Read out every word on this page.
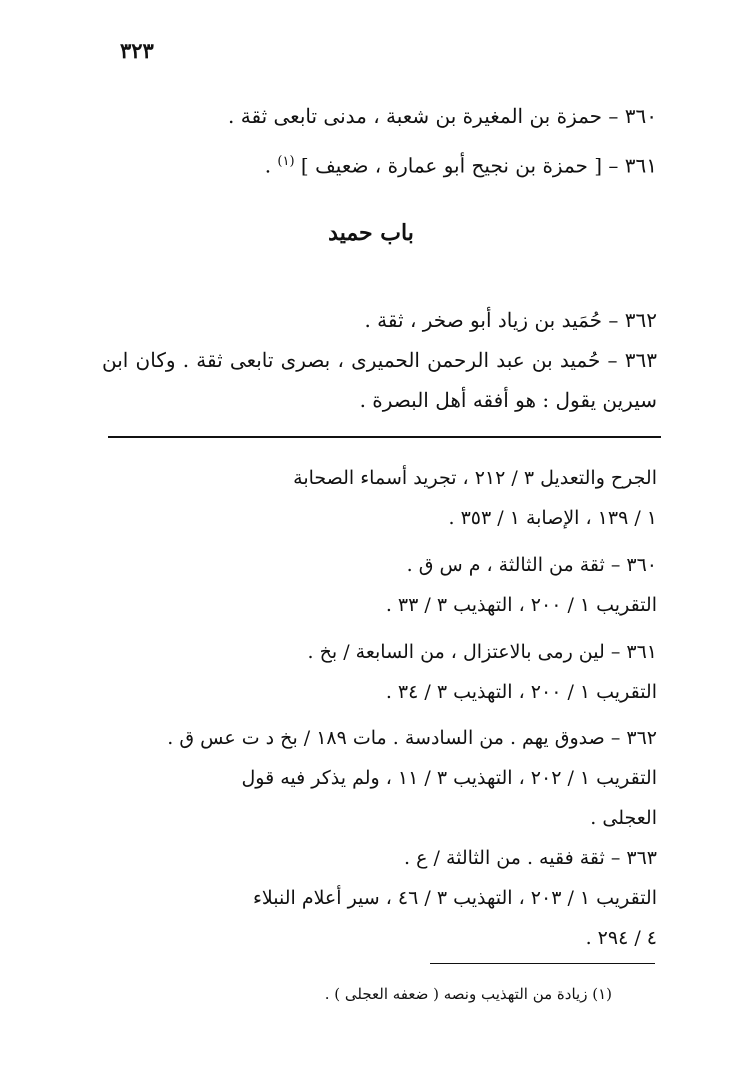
٣٢٣
٣٦٠ – حمزة بن المغيرة بن شعبة ، مدنى تابعى ثقة .
٣٦١ – [ حمزة بن نجيح أبو عمارة ، ضعيف ] $^{(١)}$ .
باب حميد
٣٦٢ – حُمَيد بن زياد أبو صخر ، ثقة .
٣٦٣ – حُميد بن عبد الرحمن الحميرى ، بصرى تابعى ثقة . وكان ابن سيرين يقول : هو أفقه أهل البصرة .
الجرح والتعديل ٣ / ٢١٢ ، تجريد أسماء الصحابة
١ / ١٣٩ ، الإصابة ١ / ٣٥٣ .
٣٦٠ – ثقة من الثالثة ، م س ق .
التقريب ١ / ٢٠٠ ، التهذيب ٣ / ٣٣ .
٣٦١ – لين رمى بالاعتزال ، من السابعة / بخ .
التقريب ١ / ٢٠٠ ، التهذيب ٣ / ٣٤ .
٣٦٢ – صدوق يهم . من السادسة . مات ١٨٩ / بخ د ت عس ق .
التقريب ١ / ٢٠٢ ، التهذيب ٣ / ١١ ، ولم يذكر فيه قول
العجلى .
٣٦٣ – ثقة فقيه . من الثالثة / ع .
التقريب ١ / ٢٠٣ ، التهذيب ٣ / ٤٦ ، سير أعلام النبلاء
٤ / ٢٩٤ .
(١) زيادة من التهذيب ونصه ( ضعفه العجلى ) .
